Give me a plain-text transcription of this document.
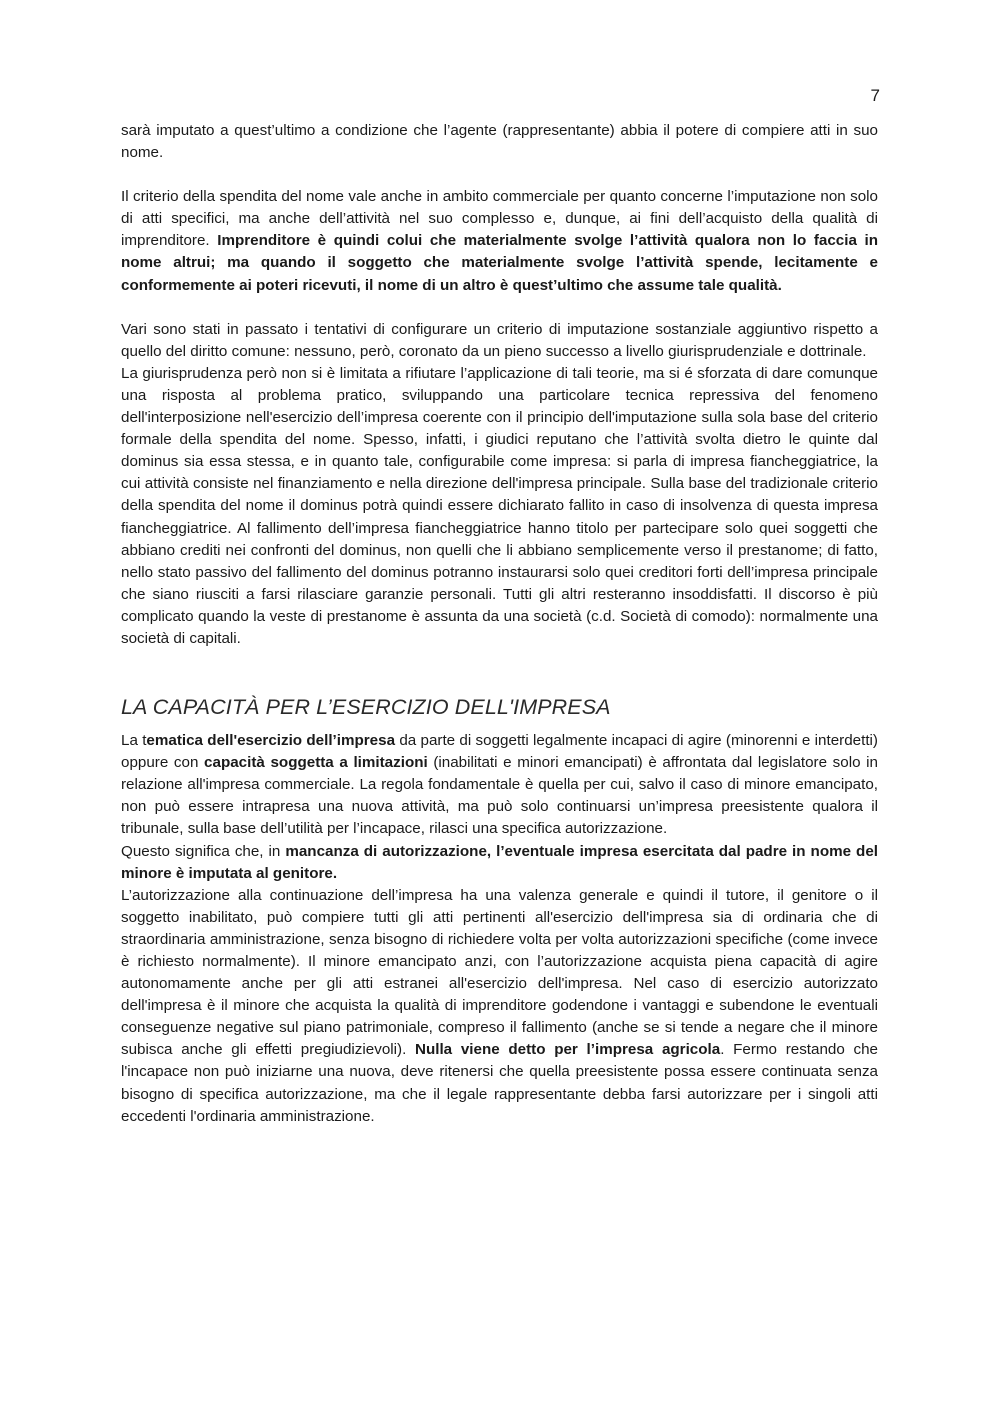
7

sarà imputato a quest’ultimo a condizione che l’agente (rappresentante) abbia il potere di compiere atti in suo nome.

Il criterio della spendita del nome vale anche in ambito commerciale per quanto concerne l’imputazione non solo di atti specifici, ma anche dell’attività nel suo complesso e, dunque, ai fini dell’acquisto della qualità di imprenditore. Imprenditore è quindi colui che materialmente svolge l’attività qualora non lo faccia in nome altrui; ma quando il soggetto che materialmente svolge l’attività spende, lecitamente e conformemente ai poteri ricevuti, il nome di un altro è quest’ultimo che assume tale qualità.

Vari sono stati in passato i tentativi di configurare un criterio di imputazione sostanziale aggiuntivo rispetto a quello del diritto comune: nessuno, però, coronato da un pieno successo a livello giurisprudenziale e dottrinale.

La giurisprudenza però non si è limitata a rifiutare l’applicazione di tali teorie, ma si é sforzata di dare comunque una risposta al problema pratico, sviluppando una particolare tecnica repressiva del fenomeno dell'interposizione nell'esercizio dell’impresa coerente con il principio dell'imputazione sulla sola base del criterio formale della spendita del nome. Spesso, infatti, i giudici reputano che l’attività svolta dietro le quinte dal dominus sia essa stessa, e in quanto tale, configurabile come impresa: si parla di impresa fiancheggiatrice, la cui attività consiste nel finanziamento e nella direzione dell'impresa principale. Sulla base del tradizionale criterio della spendita del nome il dominus potrà quindi essere dichiarato fallito in caso di insolvenza di questa impresa fiancheggiatrice. Al fallimento dell’impresa fiancheggiatrice hanno titolo per partecipare solo quei soggetti che abbiano crediti nei confronti del dominus, non quelli che li abbiano semplicemente verso il prestanome; di fatto, nello stato passivo del fallimento del dominus potranno instaurarsi solo quei creditori forti dell’impresa principale che siano riusciti a farsi rilasciare garanzie personali. Tutti gli altri resteranno insoddisfatti. Il discorso è più complicato quando la veste di prestanome è assunta da una società (c.d. Società di comodo): normalmente una società di capitali.

LA CAPACITÀ PER L’ESERCIZIO DELL'IMPRESA

La tematica dell'esercizio dell’impresa da parte di soggetti legalmente incapaci di agire (minorenni e interdetti) oppure con capacità soggetta a limitazioni (inabilitati e minori emancipati) è affrontata dal legislatore solo in relazione all'impresa commerciale. La regola fondamentale è quella per cui, salvo il caso di minore emancipato, non può essere intrapresa una nuova attività, ma può solo continuarsi un’impresa preesistente qualora il tribunale, sulla base dell’utilità per l’incapace, rilasci una specifica autorizzazione.

Questo significa che, in mancanza di autorizzazione, l’eventuale impresa esercitata dal padre in nome del minore è imputata al genitore.

L’autorizzazione alla continuazione dell’impresa ha una valenza generale e quindi il tutore, il genitore o il soggetto inabilitato, può compiere tutti gli atti pertinenti all'esercizio dell'impresa sia di ordinaria che di straordinaria amministrazione, senza bisogno di richiedere volta per volta autorizzazioni specifiche (come invece è richiesto normalmente). Il minore emancipato anzi, con l’autorizzazione acquista piena capacità di agire autonomamente anche per gli atti estranei all'esercizio dell'impresa. Nel caso di esercizio autorizzato dell'impresa è il minore che acquista la qualità di imprenditore godendone i vantaggi e subendone le eventuali conseguenze negative sul piano patrimoniale, compreso il fallimento (anche se si tende a negare che il minore subisca anche gli effetti pregiudizievoli). Nulla viene detto per l’impresa agricola. Fermo restando che l'incapace non può iniziarne una nuova, deve ritenersi che quella preesistente possa essere continuata senza bisogno di specifica autorizzazione, ma che il legale rappresentante debba farsi autorizzare per i singoli atti eccedenti l'ordinaria amministrazione.
